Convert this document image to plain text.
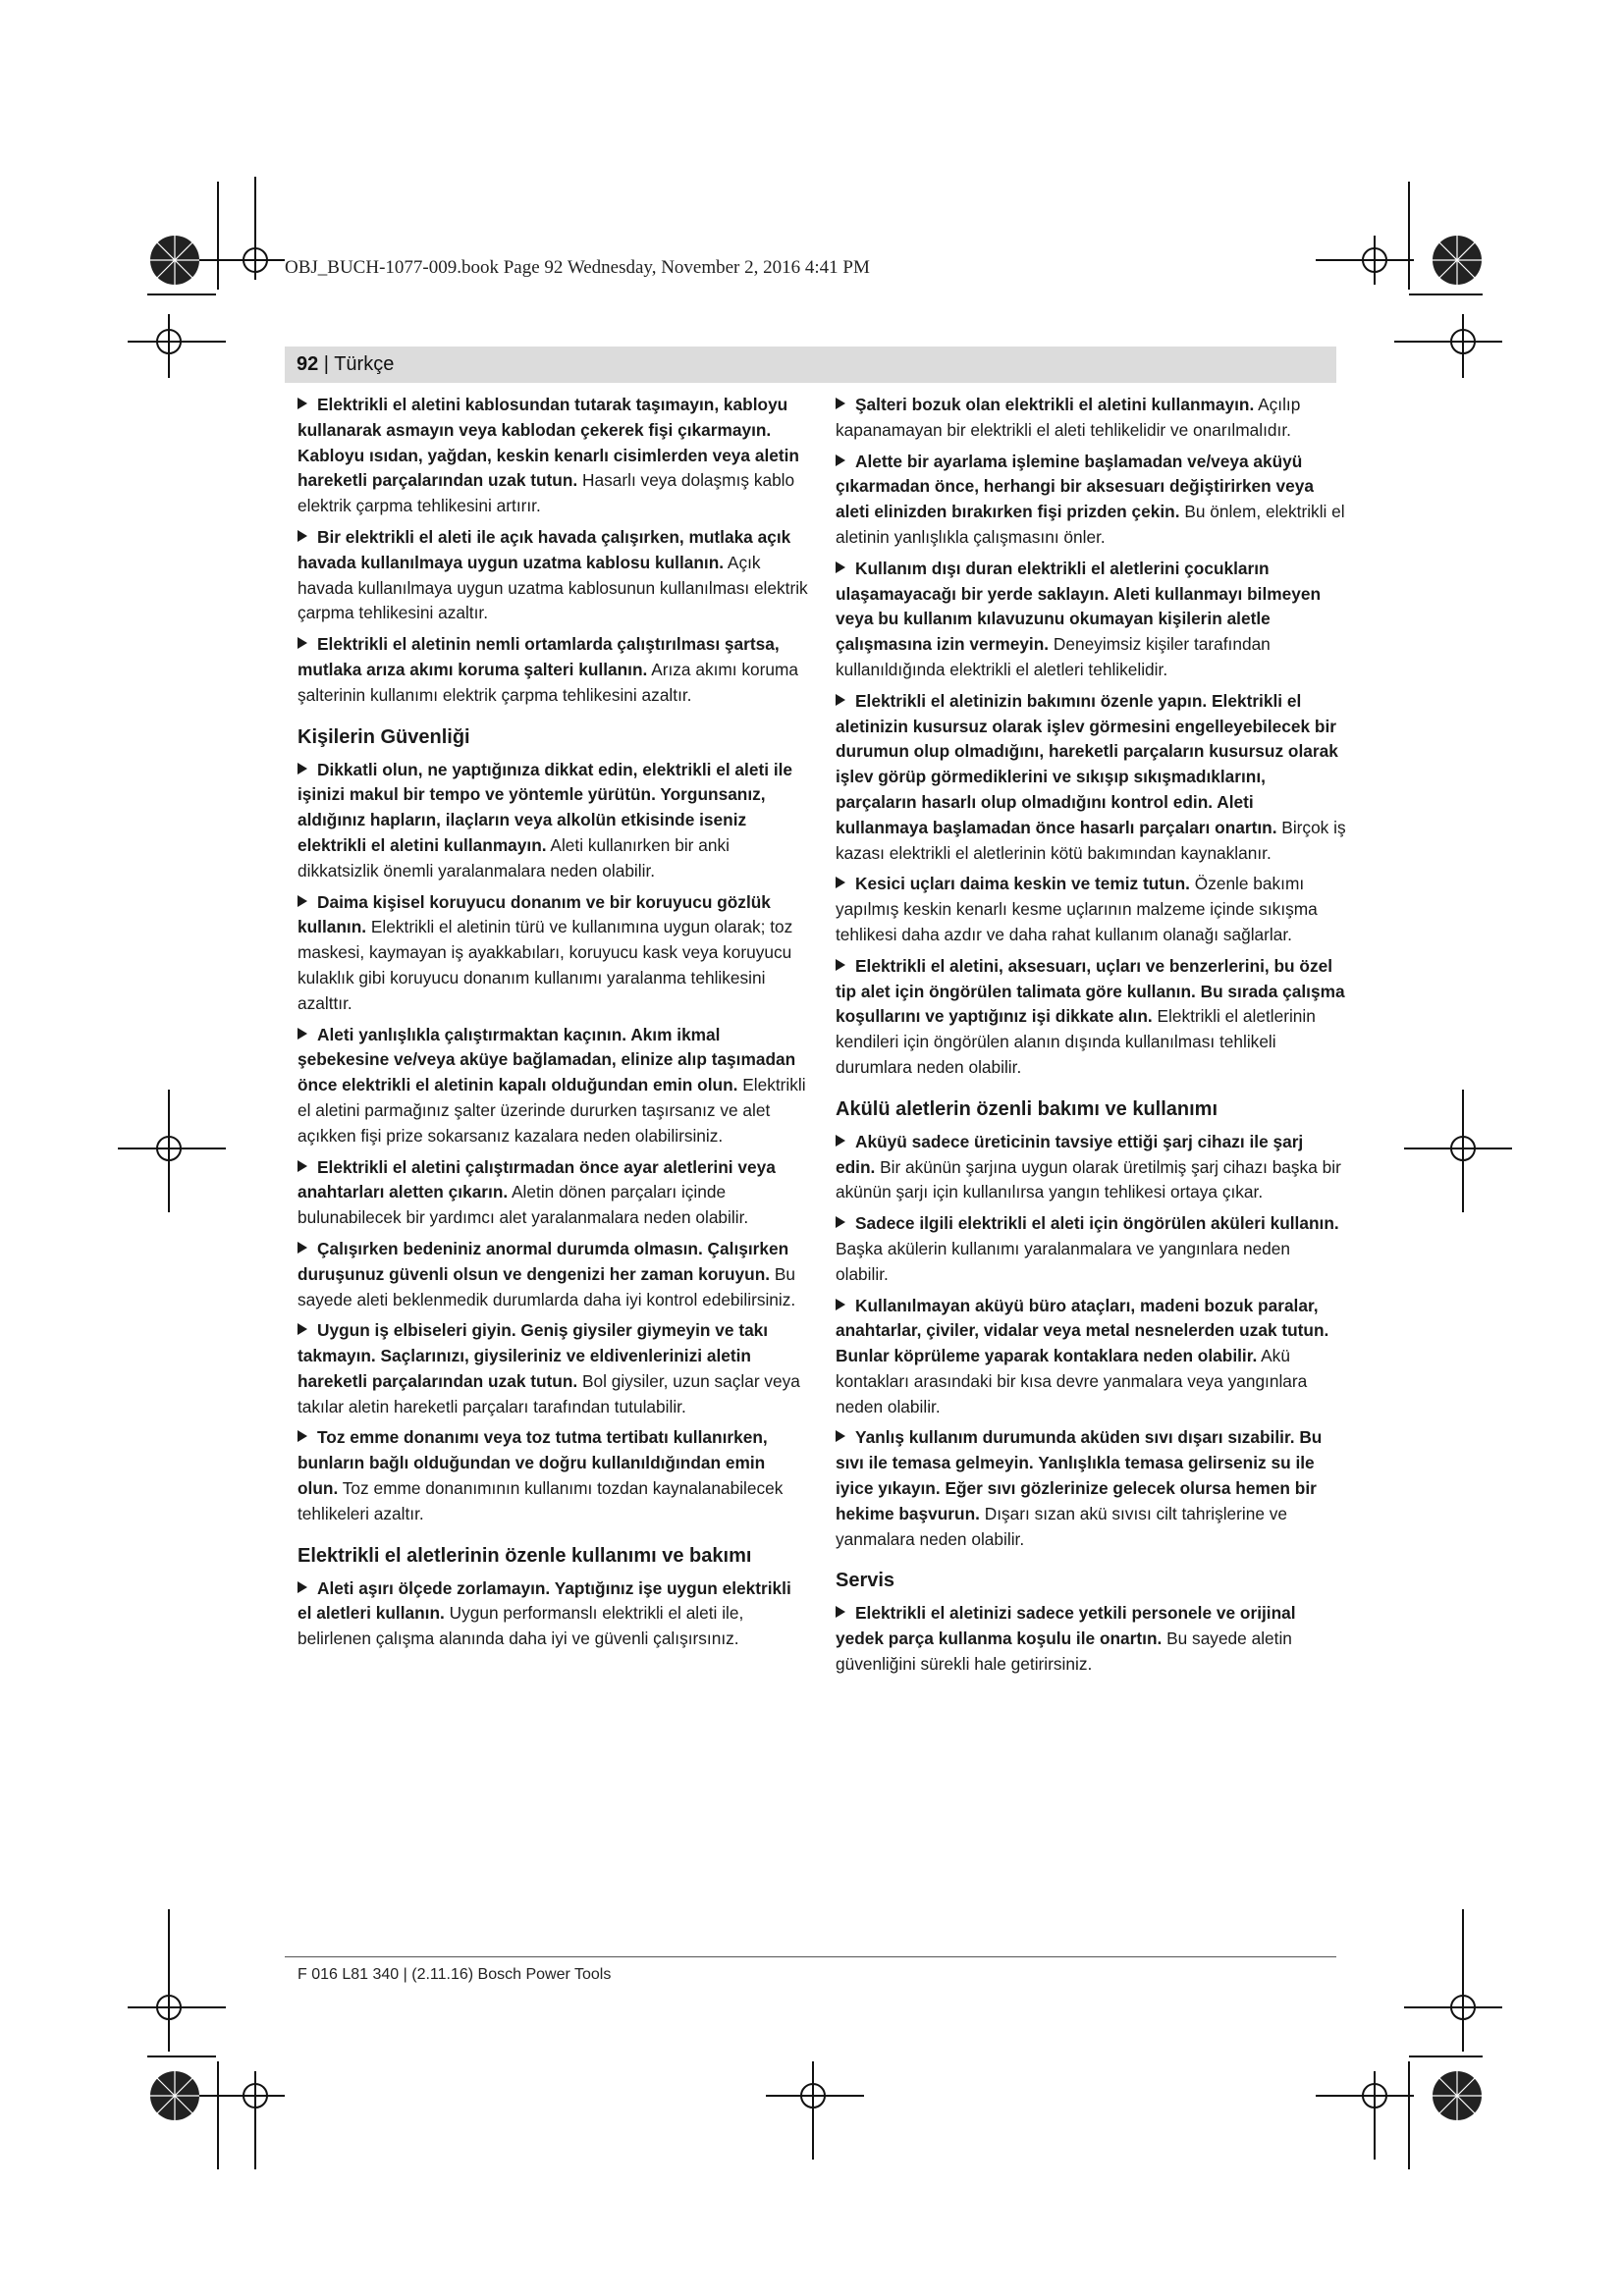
OBJ_BUCH-1077-009.book Page 92 Wednesday, November 2, 2016 4:41 PM
92 | Türkçe
Elektrikli el aletini kablosundan tutarak taşımayın, kabloyu kullanarak asmayın veya kablodan çekerek fişi çıkarmayın. Kabloyu ısıdan, yağdan, keskin kenarlı cisimlerden veya aletin hareketli parçalarından uzak tutun. Hasarlı veya dolaşmış kablo elektrik çarpma tehlikesini artırır.
Bir elektrikli el aleti ile açık havada çalışırken, mutlaka açık havada kullanılmaya uygun uzatma kablosu kullanın. Açık havada kullanılmaya uygun uzatma kablosunun kullanılması elektrik çarpma tehlikesini azaltır.
Elektrikli el aletinin nemli ortamlarda çalıştırılması şartsa, mutlaka arıza akımı koruma şalteri kullanın. Arıza akımı koruma şalterinin kullanımı elektrik çarpma tehlikesini azaltır.
Kişilerin Güvenliği
Dikkatli olun, ne yaptığınıza dikkat edin, elektrikli el aleti ile işinizi makul bir tempo ve yöntemle yürütün. Yorgunsanız, aldığınız hapların, ilaçların veya alkolün etkisinde iseniz elektrikli el aletini kullanmayın. Aleti kullanırken bir anki dikkatsizlik önemli yaralanmalara neden olabilir.
Daima kişisel koruyucu donanım ve bir koruyucu gözlük kullanın. Elektrikli el aletinin türü ve kullanımına uygun olarak; toz maskesi, kaymayan iş ayakkabıları, koruyucu kask veya koruyucu kulaklık gibi koruyucu donanım kullanımı yaralanma tehlikesini azalttır.
Aleti yanlışlıkla çalıştırmaktan kaçının. Akım ikmal şebekesine ve/veya aküye bağlamadan, elinize alıp taşımadan önce elektrikli el aletinin kapalı olduğundan emin olun. Elektrikli el aletini parmağınız şalter üzerinde dururken taşırsanız ve alet açıkken fişi prize sokarsanız kazalara neden olabilirsiniz.
Elektrikli el aletini çalıştırmadan önce ayar aletlerini veya anahtarları aletten çıkarın. Aletin dönen parçaları içinde bulunabilecek bir yardımcı alet yaralanmalara neden olabilir.
Çalışırken bedeniniz anormal durumda olmasın. Çalışırken duruşunuz güvenli olsun ve dengenizi her zaman koruyun. Bu sayede aleti beklenmedik durumlarda daha iyi kontrol edebilirsiniz.
Uygun iş elbiseleri giyin. Geniş giysiler giymeyin ve takı takmayın. Saçlarınızı, giysileriniz ve eldivenlerinizi aletin hareketli parçalarından uzak tutun. Bol giysiler, uzun saçlar veya takılar aletin hareketli parçaları tarafından tutulabilir.
Toz emme donanımı veya toz tutma tertibatı kullanırken, bunların bağlı olduğundan ve doğru kullanıldığından emin olun. Toz emme donanımının kullanımı tozdan kaynalanabilecek tehlikeleri azaltır.
Elektrikli el aletlerinin özenle kullanımı ve bakımı
Aleti aşırı ölçede zorlamayın. Yaptığınız işe uygun elektrikli el aletleri kullanın. Uygun performanslı elektrikli el aleti ile, belirlenen çalışma alanında daha iyi ve güvenli çalışırsınız.
Şalteri bozuk olan elektrikli el aletini kullanmayın. Açılıp kapanamayan bir elektrikli el aleti tehlikelidir ve onarılmalıdır.
Alette bir ayarlama işlemine başlamadan ve/veya aküyü çıkarmadan önce, herhangi bir aksesuarı değiştirirken veya aleti elinizden bırakırken fişi prizden çekin. Bu önlem, elektrikli el aletinin yanlışlıkla çalışmasını önler.
Kullanım dışı duran elektrikli el aletlerini çocukların ulaşamayacağı bir yerde saklayın. Aleti kullanmayı bilmeyen veya bu kullanım kılavuzunu okumayan kişilerin aletle çalışmasına izin vermeyin. Deneyimsiz kişiler tarafından kullanıldığında elektrikli el aletleri tehlikelidir.
Elektrikli el aletinizin bakımını özenle yapın. Elektrikli el aletinizin kusursuz olarak işlev görmesini engelleyebilecek bir durumun olup olmadığını, hareketli parçaların kusursuz olarak işlev görüp görmediklerini ve sıkışıp sıkışmadıklarını, parçaların hasarlı olup olmadığını kontrol edin. Aleti kullanmaya başlamadan önce hasarlı parçaları onartın. Birçok iş kazası elektrikli el aletlerinin kötü bakımından kaynaklanır.
Kesici uçları daima keskin ve temiz tutun. Özenle bakımı yapılmış keskin kenarlı kesme uçlarının malzeme içinde sıkışma tehlikesi daha azdır ve daha rahat kullanım olanağı sağlarlar.
Elektrikli el aletini, aksesuarı, uçları ve benzerlerini, bu özel tip alet için öngörülen talimata göre kullanın. Bu sırada çalışma koşullarını ve yaptığınız işi dikkate alın. Elektrikli el aletlerinin kendileri için öngörülen alanın dışında kullanılması tehlikeli durumlara neden olabilir.
Akülü aletlerin özenli bakımı ve kullanımı
Aküyü sadece üreticinin tavsiye ettiği şarj cihazı ile şarj edin. Bir akünün şarjına uygun olarak üretilmiş şarj cihazı başka bir akünün şarjı için kullanılırsa yangın tehlikesi ortaya çıkar.
Sadece ilgili elektrikli el aleti için öngörülen aküleri kullanın. Başka akülerin kullanımı yaralanmalara ve yangınlara neden olabilir.
Kullanılmayan aküyü büro ataçları, madeni bozuk paralar, anahtarlar, çiviler, vidalar veya metal nesnelerden uzak tutun. Bunlar köprüleme yaparak kontaklara neden olabilir. Akü kontakları arasındaki bir kısa devre yanmalara veya yangınlara neden olabilir.
Yanlış kullanım durumunda aküden sıvı dışarı sızabilir. Bu sıvı ile temasa gelmeyin. Yanlışlıkla temasa gelirseniz su ile iyice yıkayın. Eğer sıvı gözlerinize gelecek olursa hemen bir hekime başvurun. Dışarı sızan akü sıvısı cilt tahrişlerine ve yanmalara neden olabilir.
Servis
Elektrikli el aletinizi sadece yetkili personele ve orijinal yedek parça kullanma koşulu ile onartın. Bu sayede aletin güvenliğini sürekli hale getirirsiniz.
F 016 L81 340 | (2.11.16) Bosch Power Tools
